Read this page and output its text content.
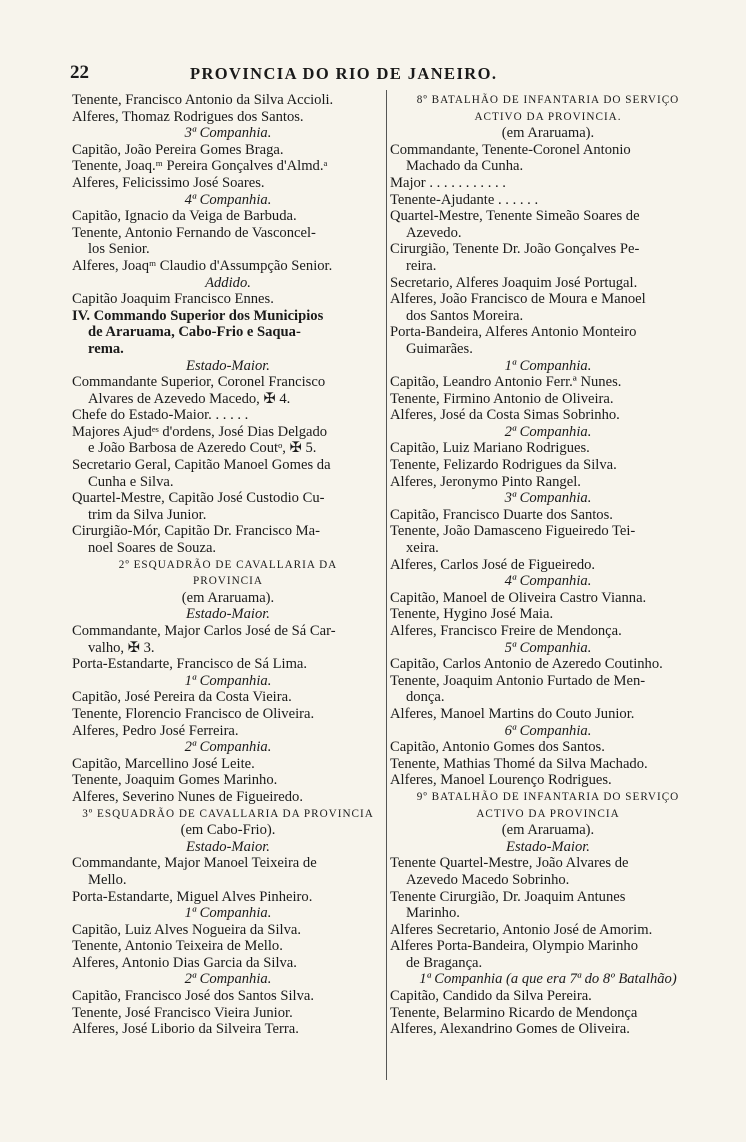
22	PROVINCIA DO RIO DE JANEIRO.
Tenente, Francisco Antonio da Silva Accioli.
Alferes, Thomaz Rodrigues dos Santos.
3ª Companhia.
Capitão, João Pereira Gomes Braga.
Tenente, Joaq.ᵐ Pereira Gonçalves d'Almd.ᵃ
Alferes, Felicissimo José Soares.
4ª Companhia.
Capitão, Ignacio da Veiga de Barbuda.
Tenente, Antonio Fernando de Vasconcel-
los Senior.
Alferes, Joaqᵐ Claudio d'Assumpção Senior.
Addido.
Capitão Joaquim Francisco Ennes.
IV. Commando Superior dos Municipios
de Araruama, Cabo-Frio e Saqua-
rema.
Estado-Maior.
Commandante Superior, Coronel Francisco
Alvares de Azevedo Macedo, ✠ 4.
Chefe do Estado-Maior. . . . . .
Majores Ajudᵉˢ d'ordens, José Dias Delgado
e João Barbosa de Azeredo Coutᵒ, ✠ 5.
Secretario Geral, Capitão Manoel Gomes da
Cunha e Silva.
Quartel-Mestre, Capitão José Custodio Cu-
trim da Silva Junior.
Cirurgião-Mór, Capitão Dr. Francisco Ma-
noel Soares de Souza.
2º ESQUADRÃO DE CAVALLARIA DA
PROVINCIA
(em Araruama).
Estado-Maior.
Commandante, Major Carlos José de Sá Car-
valho, ✠ 3.
Porta-Estandarte, Francisco de Sá Lima.
1ª Companhia.
Capitão, José Pereira da Costa Vieira.
Tenente, Florencio Francisco de Oliveira.
Alferes, Pedro José Ferreira.
2ª Companhia.
Capitão, Marcellino José Leite.
Tenente, Joaquim Gomes Marinho.
Alferes, Severino Nunes de Figueiredo.
3º ESQUADRÃO DE CAVALLARIA DA PROVINCIA
(em Cabo-Frio).
Estado-Maior.
Commandante, Major Manoel Teixeira de
Mello.
Porta-Estandarte, Miguel Alves Pinheiro.
1ª Companhia.
Capitão, Luiz Alves Nogueira da Silva.
Tenente, Antonio Teixeira de Mello.
Alferes, Antonio Dias Garcia da Silva.
2ª Companhia.
Capitão, Francisco José dos Santos Silva.
Tenente, José Francisco Vieira Junior.
Alferes, José Liborio da Silveira Terra.
8º BATALHÃO DE INFANTARIA DO SERVIÇO
ACTIVO DA PROVINCIA.
(em Araruama).
Commandante, Tenente-Coronel Antonio
Machado da Cunha.
Major . . . . . . . . . . .
Tenente-Ajudante . . . . . .
Quartel-Mestre, Tenente Simeão Soares de
Azevedo.
Cirurgião, Tenente Dr. João Gonçalves Pe-
reira.
Secretario, Alferes Joaquim José Portugal.
Alferes, João Francisco de Moura e Manoel
dos Santos Moreira.
Porta-Bandeira, Alferes Antonio Monteiro
Guimarães.
1ª Companhia.
Capitão, Leandro Antonio Ferr.ª Nunes.
Tenente, Firmino Antonio de Oliveira.
Alferes, José da Costa Simas Sobrinho.
2ª Companhia.
Capitão, Luiz Mariano Rodrigues.
Tenente, Felizardo Rodrigues da Silva.
Alferes, Jeronymo Pinto Rangel.
3ª Companhia.
Capitão, Francisco Duarte dos Santos.
Tenente, João Damasceno Figueiredo Tei-
xeira.
Alferes, Carlos José de Figueiredo.
4ª Companhia.
Capitão, Manoel de Oliveira Castro Vianna.
Tenente, Hygino José Maia.
Alferes, Francisco Freire de Mendonça.
5ª Companhia.
Capitão, Carlos Antonio de Azeredo Coutinho.
Tenente, Joaquim Antonio Furtado de Men-
donça.
Alferes, Manoel Martins do Couto Junior.
6ª Companhia.
Capitão, Antonio Gomes dos Santos.
Tenente, Mathias Thomé da Silva Machado.
Alferes, Manoel Lourenço Rodrigues.
9º BATALHÃO DE INFANTARIA DO SERVIÇO
ACTIVO DA PROVINCIA
(em Araruama).
Estado-Maior.
Tenente Quartel-Mestre, João Alvares de
Azevedo Macedo Sobrinho.
Tenente Cirurgião, Dr. Joaquim Antunes
Marinho.
Alferes Secretario, Antonio José de Amorim.
Alferes Porta-Bandeira, Olympio Marinho
de Bragança.
1ª Companhia (a que era 7ª do 8º Batalhão)
Capitão, Candido da Silva Pereira.
Tenente, Belarmino Ricardo de Mendonça
Alferes, Alexandrino Gomes de Oliveira.
